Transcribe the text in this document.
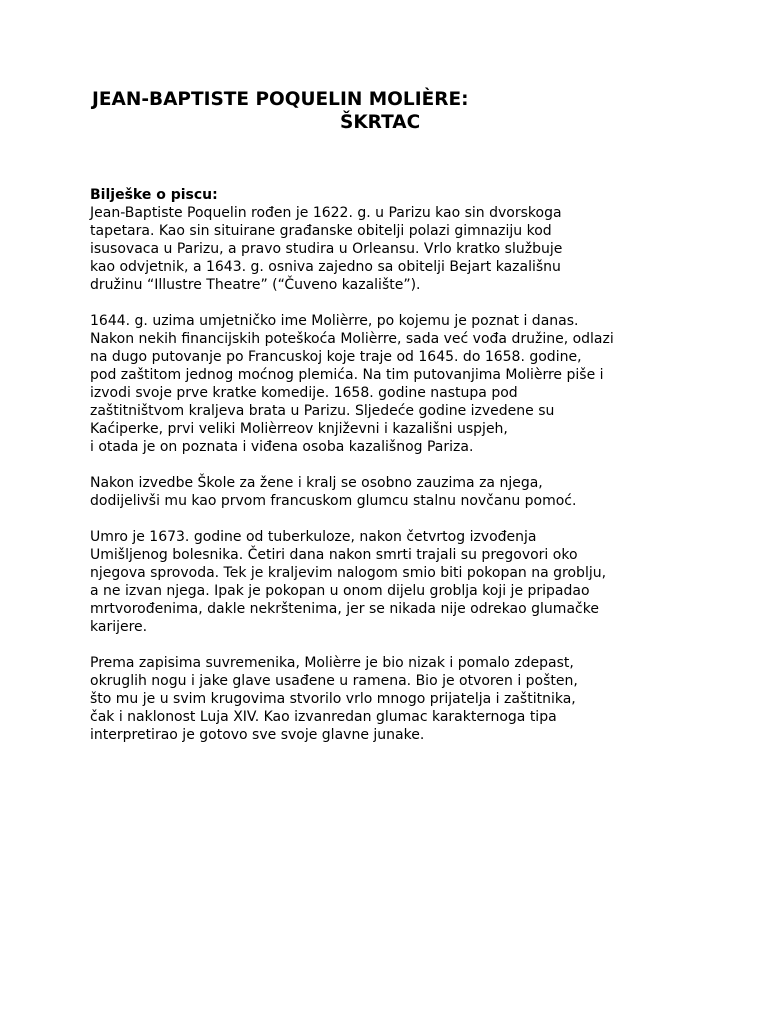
JEAN-BAPTISTE POQUELIN MOLIÈRE:
ŠKRTAC
Bilješke o piscu:
Jean-Baptiste Poquelin rođen je 1622. g. u Parizu kao sin dvorskoga
tapetara. Kao sin situirane građanske obitelji polazi gimnaziju kod
isusovaca u Parizu, a pravo studira u Orleansu. Vrlo kratko službuje
kao odvjetnik, a 1643. g. osniva zajedno sa obitelji Bejart kazališnu
družinu “Illustre Theatre” (“Čuveno kazalište”).
1644. g. uzima umjetničko ime Molièrre, po kojemu je poznat i danas.
Nakon nekih financijskih poteškoća Molièrre, sada već vođa družine, odlazi
na dugo putovanje po Francuskoj koje traje od 1645. do 1658. godine,
pod zaštitom jednog moćnog plemića. Na tim putovanjima Molièrre piše i
izvodi svoje prve kratke komedije. 1658. godine nastupa pod
zaštitništvom kraljeva brata u Parizu. Sljedeće godine izvedene su
Kaćiperke, prvi veliki Molièrreov književni i kazališni uspjeh,
i otada je on poznata i viđena osoba kazališnog Pariza.
Nakon izvedbe Škole za žene i kralj se osobno zauzima za njega,
dodijelivši mu kao prvom francuskom glumcu stalnu novčanu pomoć.
Umro je 1673. godine od tuberkuloze, nakon četvrtog izvođenja
Umišljenog bolesnika. Četiri dana nakon smrti trajali su pregovori oko
njegova sprovoda. Tek je kraljevim nalogom smio biti pokopan na groblju,
a ne izvan njega. Ipak je pokopan u onom dijelu groblja koji je pripadao
mrtvorođenima, dakle nekrštenima, jer se nikada nije odrekao glumačke
karijere.
Prema zapisima suvremenika, Molièrre je bio nizak i pomalo zdepast,
okruglih nogu i jake glave usađene u ramena. Bio je otvoren i pošten,
što mu je u svim krugovima stvorilo vrlo mnogo prijatelja i zaštitnika,
čak i naklonost Luja XIV. Kao izvanredan glumac karakternoga tipa
interpretirao je gotovo sve svoje glavne junake.
